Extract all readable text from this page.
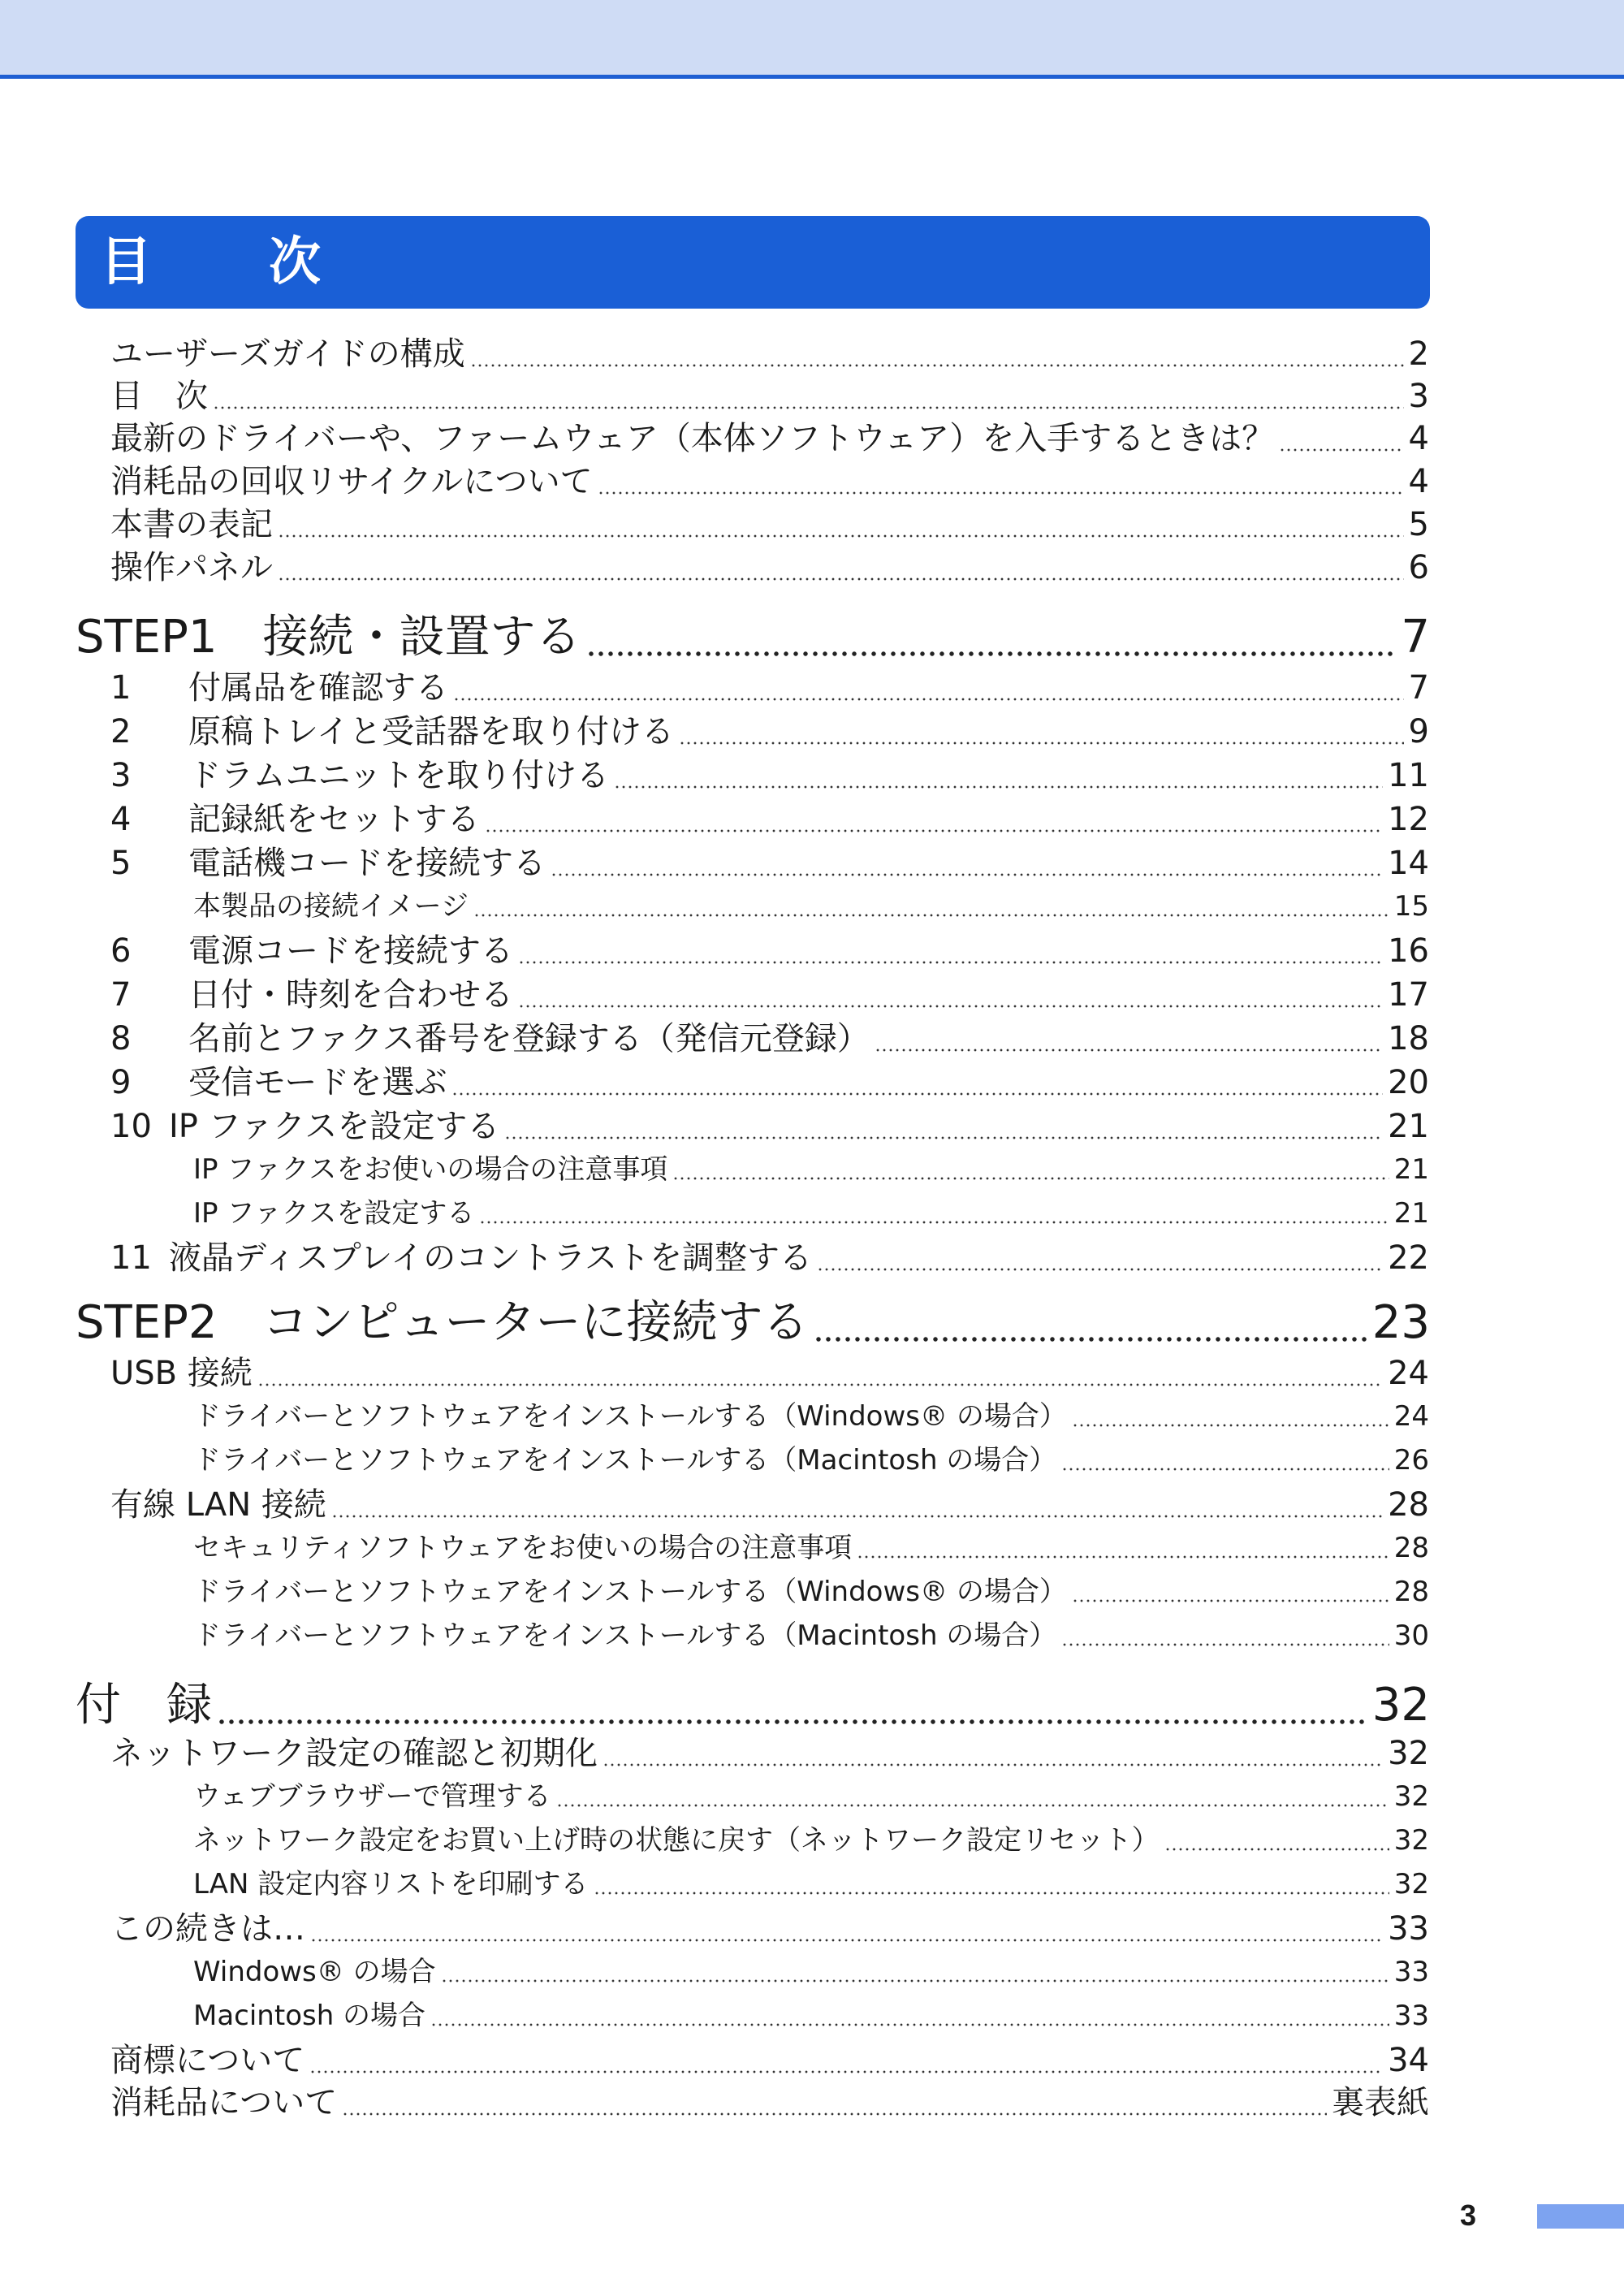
目　次
ユーザーズガイドの構成	2
目　次	3
最新のドライバーや、ファームウェア（本体ソフトウェア）を入手するときは？	4
消耗品の回収リサイクルについて	4
本書の表記	5
操作パネル	6
STEP1　接続・設置する	7
1	付属品を確認する	7
2	原稿トレイと受話器を取り付ける	9
3	ドラムユニットを取り付ける	11
4	記録紙をセットする	12
5	電話機コードを接続する	14
本製品の接続イメージ	15
6	電源コードを接続する	16
7	日付・時刻を合わせる	17
8	名前とファクス番号を登録する（発信元登録）	18
9	受信モードを選ぶ	20
10 IP ファクスを設定する	21
IP ファクスをお使いの場合の注意事項	21
IP ファクスを設定する	21
11 液晶ディスプレイのコントラストを調整する	22
STEP2　コンピューターに接続する	23
USB 接続	24
ドライバーとソフトウェアをインストールする（Windows® の場合）	24
ドライバーとソフトウェアをインストールする（Macintosh の場合）	26
有線 LAN 接続	28
セキュリティソフトウェアをお使いの場合の注意事項	28
ドライバーとソフトウェアをインストールする（Windows® の場合）	28
ドライバーとソフトウェアをインストールする（Macintosh の場合）	30
付　録	32
ネットワーク設定の確認と初期化	32
ウェブブラウザーで管理する	32
ネットワーク設定をお買い上げ時の状態に戻す（ネットワーク設定リセット）	32
LAN 設定内容リストを印刷する	32
この続きは…	33
Windows® の場合	33
Macintosh の場合	33
商標について	34
消耗品について	裏表紙
3
